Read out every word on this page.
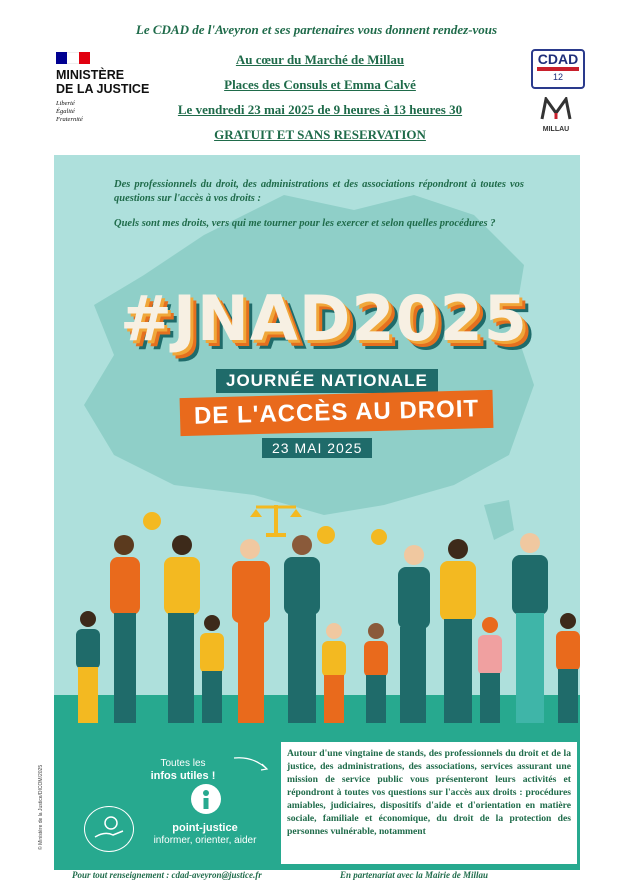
Le CDAD de l'Aveyron et ses partenaires vous donnent rendez-vous
MINISTÈRE
DE LA JUSTICE
Liberté
Égalité
Fraternité
Au cœur du Marché de Millau
Places des Consuls et Emma Calvé
Le vendredi 23 mai 2025 de 9 heures à 13 heures 30
GRATUIT ET SANS RESERVATION
CDAD
12
MILLAU
Des professionnels du droit, des administrations et des associations répondront à toutes vos questions sur l'accès à vos droits :
Quels sont mes droits, vers qui me tourner pour les exercer et selon quelles procédures ?
#JNAD2025
JOURNÉE NATIONALE
DE L'ACCÈS AU DROIT
23 MAI 2025
Toutes les
infos utiles !
point-justice
informer, orienter, aider
Autour d'une vingtaine de stands, des professionnels du droit et de la justice, des administrations, des associations, services assurant une mission de service public vous présenteront leurs activités et répondront à toutes vos questions sur l'accès aux droits : procédures amiables, judiciaires, dispositifs d'aide et d'orientation en matière sociale, familiale et économique, du droit de la protection des personnes vulnérable, notamment
Pour tout renseignement : cdad-aveyron@justice.fr	En partenariat avec la Mairie de Millau
© Ministère de la Justice/DICOM/2025
